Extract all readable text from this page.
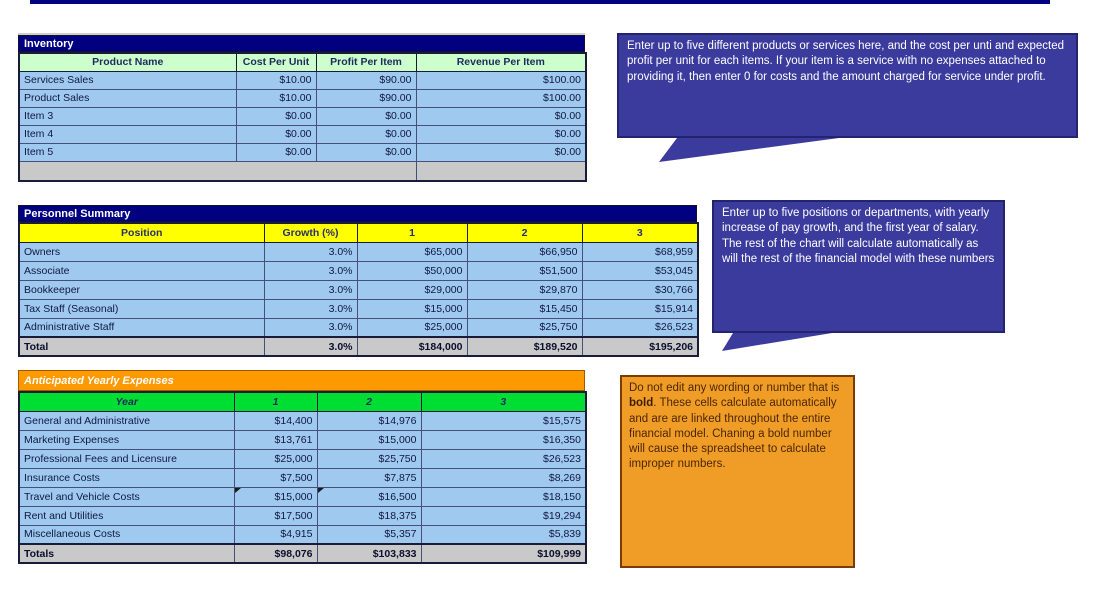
Inventory
Product Name	Cost Per Unit	Profit Per Item	Revenue Per Item
Services Sales	$10.00	$90.00	$100.00
Product Sales	$10.00	$90.00	$100.00
Item 3	$0.00	$0.00	$0.00
Item 4	$0.00	$0.00	$0.00
Item 5	$0.00	$0.00	$0.00

Personnel Summary
Position	Growth (%)	1	2	3
Owners	3.0%	$65,000	$66,950	$68,959
Associate	3.0%	$50,000	$51,500	$53,045
Bookkeeper	3.0%	$29,000	$29,870	$30,766
Tax Staff (Seasonal)	3.0%	$15,000	$15,450	$15,914
Administrative Staff	3.0%	$25,000	$25,750	$26,523
Total	3.0%	$184,000	$189,520	$195,206
Anticipated Yearly Expenses
Year	1	2	3
General and Administrative	$14,400	$14,976	$15,575
Marketing Expenses	$13,761	$15,000	$16,350
Professional Fees and Licensure	$25,000	$25,750	$26,523
Insurance Costs	$7,500	$7,875	$8,269
Travel and Vehicle Costs	$15,000	$16,500	$18,150
Rent and Utilities	$17,500	$18,375	$19,294
Miscellaneous Costs	$4,915	$5,357	$5,839
Totals	$98,076	$103,833	$109,999
Enter up to five different products or services here, and the cost per unti and expected profit per unit for each items. If your item is a service with no expenses attached to providing it, then enter 0 for costs and the amount charged for service under profit.
Enter up to five positions or departments, with yearly increase of pay growth, and the first year of salary. The rest of the chart will calculate automatically as will the rest of the financial model with these numbers
Do not edit any wording or number that is bold. These cells calculate automatically and are are linked throughout the entire financial model. Chaning a bold number will cause the spreadsheet to calculate improper numbers.
